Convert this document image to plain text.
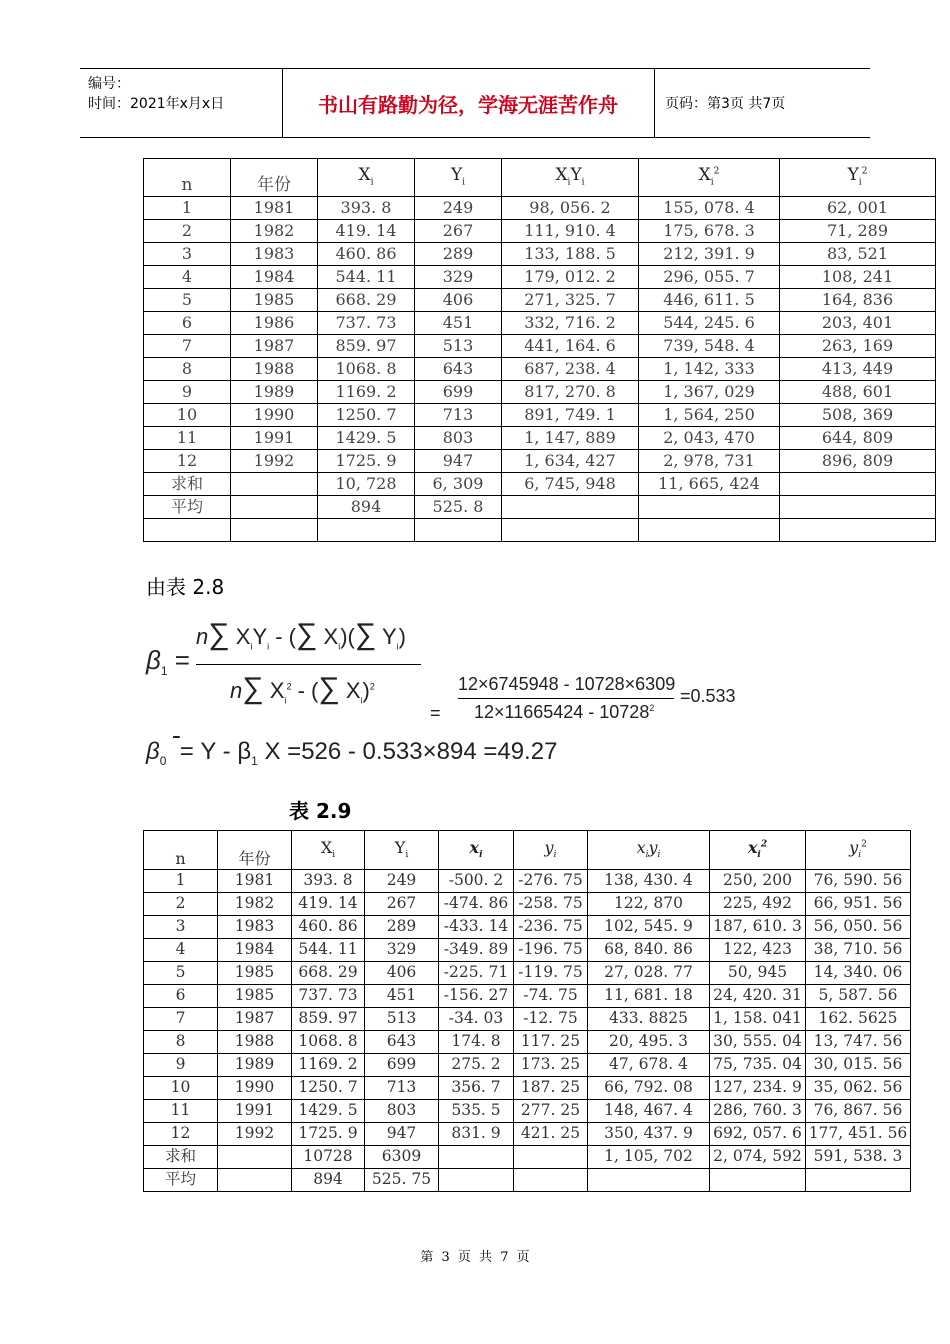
编号：
时间：2021年x月x日	书山有路勤为径，学海无涯苦作舟	页码：第3页 共7页
n	年份	$X_i$	$Y_i$	$X_iY_i$	$X_i^2$	$Y_i^2$
1	1981	393. 8	249	98, 056. 2	155, 078. 4	62, 001
2	1982	419. 14	267	111, 910. 4	175, 678. 3	71, 289
3	1983	460. 86	289	133, 188. 5	212, 391. 9	83, 521
4	1984	544. 11	329	179, 012. 2	296, 055. 7	108, 241
5	1985	668. 29	406	271, 325. 7	446, 611. 5	164, 836
6	1986	737. 73	451	332, 716. 2	544, 245. 6	203, 401
7	1987	859. 97	513	441, 164. 6	739, 548. 4	263, 169
8	1988	1068. 8	643	687, 238. 4	1, 142, 333	413, 449
9	1989	1169. 2	699	817, 270. 8	1, 367, 029	488, 601
10	1990	1250. 7	713	891, 749. 1	1, 564, 250	508, 369
11	1991	1429. 5	803	1, 147, 889	2, 043, 470	644, 809
12	1992	1725. 9	947	1, 634, 427	2, 978, 731	896, 809
求和		10, 728	6, 309	6, 745, 948	11, 665, 424	
平均		894	525. 8			

由表 2.8
$\beta_1$ =
n∑ $X_iY_i$ - (∑ $X_i)(\sum$ $Y_i$)
n∑ $X_i^2$ - (∑ $X_i)^2$
=
12×6745948 - 10728×6309
$12\times 11665424 - 10728^2$
=0.533
$\beta_0 = Y - \beta_1$ X =526 - 0.533×894 =49.27
表 2.9
n	年份	$X_i$	$Y_i$	$x_i$	$y_i$	$x_iy_i$	$x_i^2$	$y_i^2$
1	1981	393. 8	249	-500. 2	-276. 75	138, 430. 4	250, 200	76, 590. 56
2	1982	419. 14	267	-474. 86	-258. 75	122, 870	225, 492	66, 951. 56
3	1983	460. 86	289	-433. 14	-236. 75	102, 545. 9	187, 610. 3	56, 050. 56
4	1984	544. 11	329	-349. 89	-196. 75	68, 840. 86	122, 423	38, 710. 56
5	1985	668. 29	406	-225. 71	-119. 75	27, 028. 77	50, 945	14, 340. 06
6	1985	737. 73	451	-156. 27	-74. 75	11, 681. 18	24, 420. 31	5, 587. 56
7	1987	859. 97	513	-34. 03	-12. 75	433. 8825	1, 158. 041	162. 5625
8	1988	1068. 8	643	174. 8	117. 25	20, 495. 3	30, 555. 04	13, 747. 56
9	1989	1169. 2	699	275. 2	173. 25	47, 678. 4	75, 735. 04	30, 015. 56
10	1990	1250. 7	713	356. 7	187. 25	66, 792. 08	127, 234. 9	35, 062. 56
11	1991	1429. 5	803	535. 5	277. 25	148, 467. 4	286, 760. 3	76, 867. 56
12	1992	1725. 9	947	831. 9	421. 25	350, 437. 9	692, 057. 6	177, 451. 56
求和		10728	6309			1, 105, 702	2, 074, 592	591, 538. 3
平均		894	525. 75					
第 3 页 共 7 页
